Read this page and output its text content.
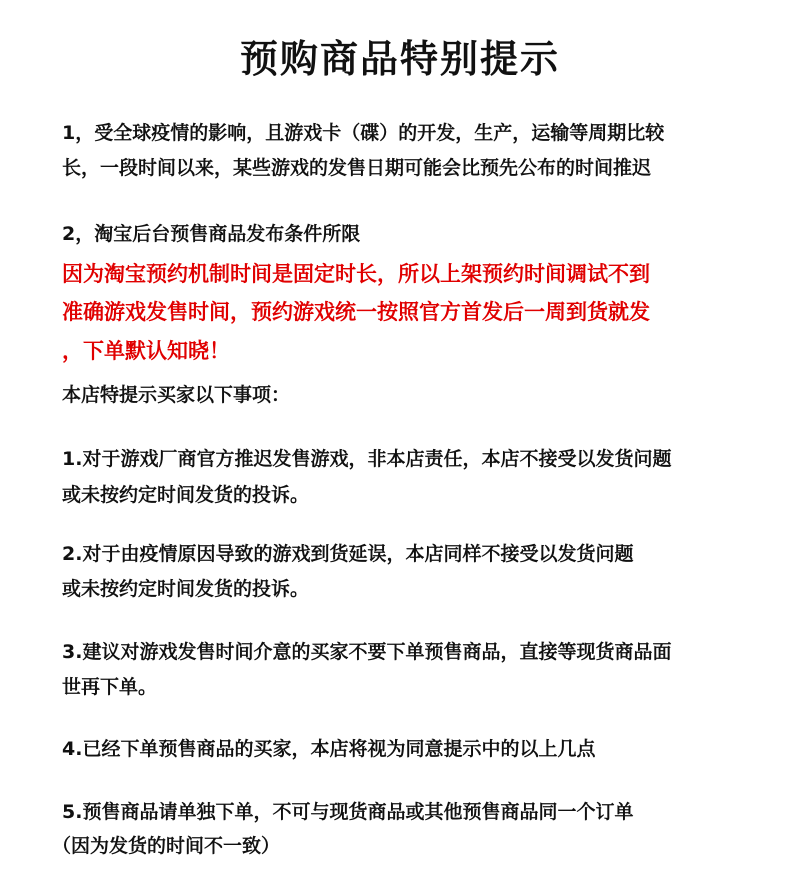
预购商品特别提示
1，受全球疫情的影响，且游戏卡（碟）的开发，生产，运输等周期比较
长，一段时间以来，某些游戏的发售日期可能会比预先公布的时间推迟
2，淘宝后台预售商品发布条件所限
因为淘宝预约机制时间是固定时长，所以上架预约时间调试不到
准确游戏发售时间，预约游戏统一按照官方首发后一周到货就发
，下单默认知晓！
本店特提示买家以下事项：
1.对于游戏厂商官方推迟发售游戏，非本店责任，本店不接受以发货问题
或未按约定时间发货的投诉。
2.对于由疫情原因导致的游戏到货延误，本店同样不接受以发货问题
或未按约定时间发货的投诉。
3.建议对游戏发售时间介意的买家不要下单预售商品，直接等现货商品面
世再下单。
4.已经下单预售商品的买家，本店将视为同意提示中的以上几点
5.预售商品请单独下单，不可与现货商品或其他预售商品同一个订单
（因为发货的时间不一致）
